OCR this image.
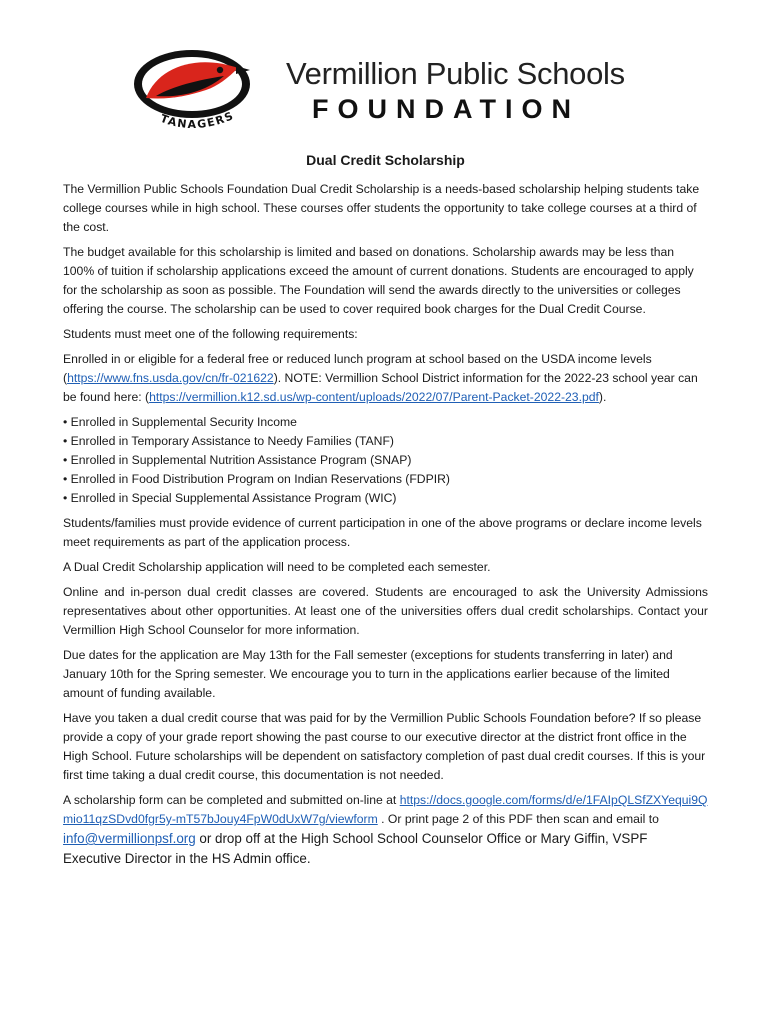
TANAGERS
Vermillion Public Schools
FOUNDATION
Dual Credit Scholarship

The Vermillion Public Schools Foundation Dual Credit Scholarship is a needs-based scholarship helping students take college courses while in high school. These courses offer students the opportunity to take college courses at a third of the cost.

The budget available for this scholarship is limited and based on donations. Scholarship awards may be less than 100% of tuition if scholarship applications exceed the amount of current donations. Students are encouraged to apply for the scholarship as soon as possible. The Foundation will send the awards directly to the universities or colleges offering the course. The scholarship can be used to cover required book charges for the Dual Credit Course.

Students must meet one of the following requirements:

Enrolled in or eligible for a federal free or reduced lunch program at school based on the USDA income levels (https://www.fns.usda.gov/cn/fr-021622). NOTE: Vermillion School District information for the 2022-23 school year can be found here: (https://vermillion.k12.sd.us/wp-content/uploads/2022/07/Parent-Packet-2022-23.pdf).

• Enrolled in Supplemental Security Income
• Enrolled in Temporary Assistance to Needy Families (TANF)
• Enrolled in Supplemental Nutrition Assistance Program (SNAP)
• Enrolled in Food Distribution Program on Indian Reservations (FDPIR)
• Enrolled in Special Supplemental Assistance Program (WIC)

Students/families must provide evidence of current participation in one of the above programs or declare income levels meet requirements as part of the application process.

A Dual Credit Scholarship application will need to be completed each semester.

Online and in-person dual credit classes are covered. Students are encouraged to ask the University Admissions representatives about other opportunities. At least one of the universities offers dual credit scholarships. Contact your Vermillion High School Counselor for more information.

Due dates for the application are May 13th for the Fall semester (exceptions for students transferring in later) and January 10th for the Spring semester. We encourage you to turn in the applications earlier because of the limited amount of funding available.

Have you taken a dual credit course that was paid for by the Vermillion Public Schools Foundation before? If so please provide a copy of your grade report showing the past course to our executive director at the district front office in the High School. Future scholarships will be dependent on satisfactory completion of past dual credit courses. If this is your first time taking a dual credit course, this documentation is not needed.

A scholarship form can be completed and submitted on-line at https://docs.google.com/forms/d/e/1FAIpQLSfZXYequi9Qmio11qzSDvd0fgr5y-mT57bJouy4FpW0dUxW7g/viewform . Or print page 2 of this PDF then scan and email to info@vermillionpsf.org or drop off at the High School School Counselor Office or Mary Giffin, VSPF Executive Director in the HS Admin office.
